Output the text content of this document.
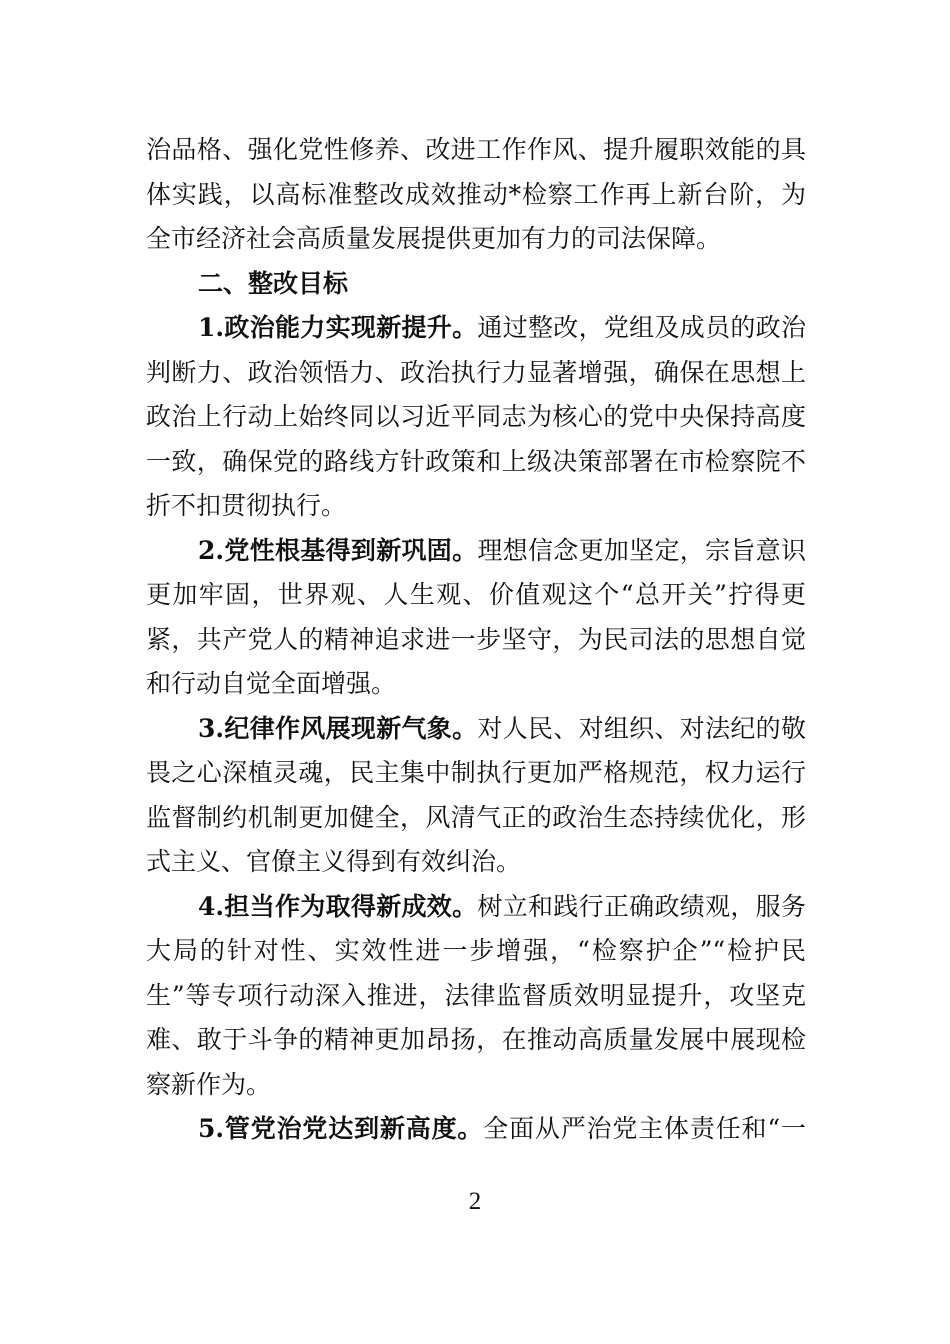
治品格、强化党性修养、改进工作作风、提升履职效能的具
体实践，以高标准整改成效推动*检察工作再上新台阶，为
全市经济社会高质量发展提供更加有力的司法保障。
二、整改目标
1.政治能力实现新提升。通过整改，党组及成员的政治
判断力、政治领悟力、政治执行力显著增强，确保在思想上
政治上行动上始终同以习近平同志为核心的党中央保持高度
一致，确保党的路线方针政策和上级决策部署在市检察院不
折不扣贯彻执行。
2.党性根基得到新巩固。理想信念更加坚定，宗旨意识
更加牢固，世界观、人生观、价值观这个“总开关”拧得更
紧，共产党人的精神追求进一步坚守，为民司法的思想自觉
和行动自觉全面增强。
3.纪律作风展现新气象。对人民、对组织、对法纪的敬
畏之心深植灵魂，民主集中制执行更加严格规范，权力运行
监督制约机制更加健全，风清气正的政治生态持续优化，形
式主义、官僚主义得到有效纠治。
4.担当作为取得新成效。树立和践行正确政绩观，服务
大局的针对性、实效性进一步增强，“检察护企”“检护民
生”等专项行动深入推进，法律监督质效明显提升，攻坚克
难、敢于斗争的精神更加昂扬，在推动高质量发展中展现检
察新作为。
5.管党治党达到新高度。全面从严治党主体责任和“一
2
